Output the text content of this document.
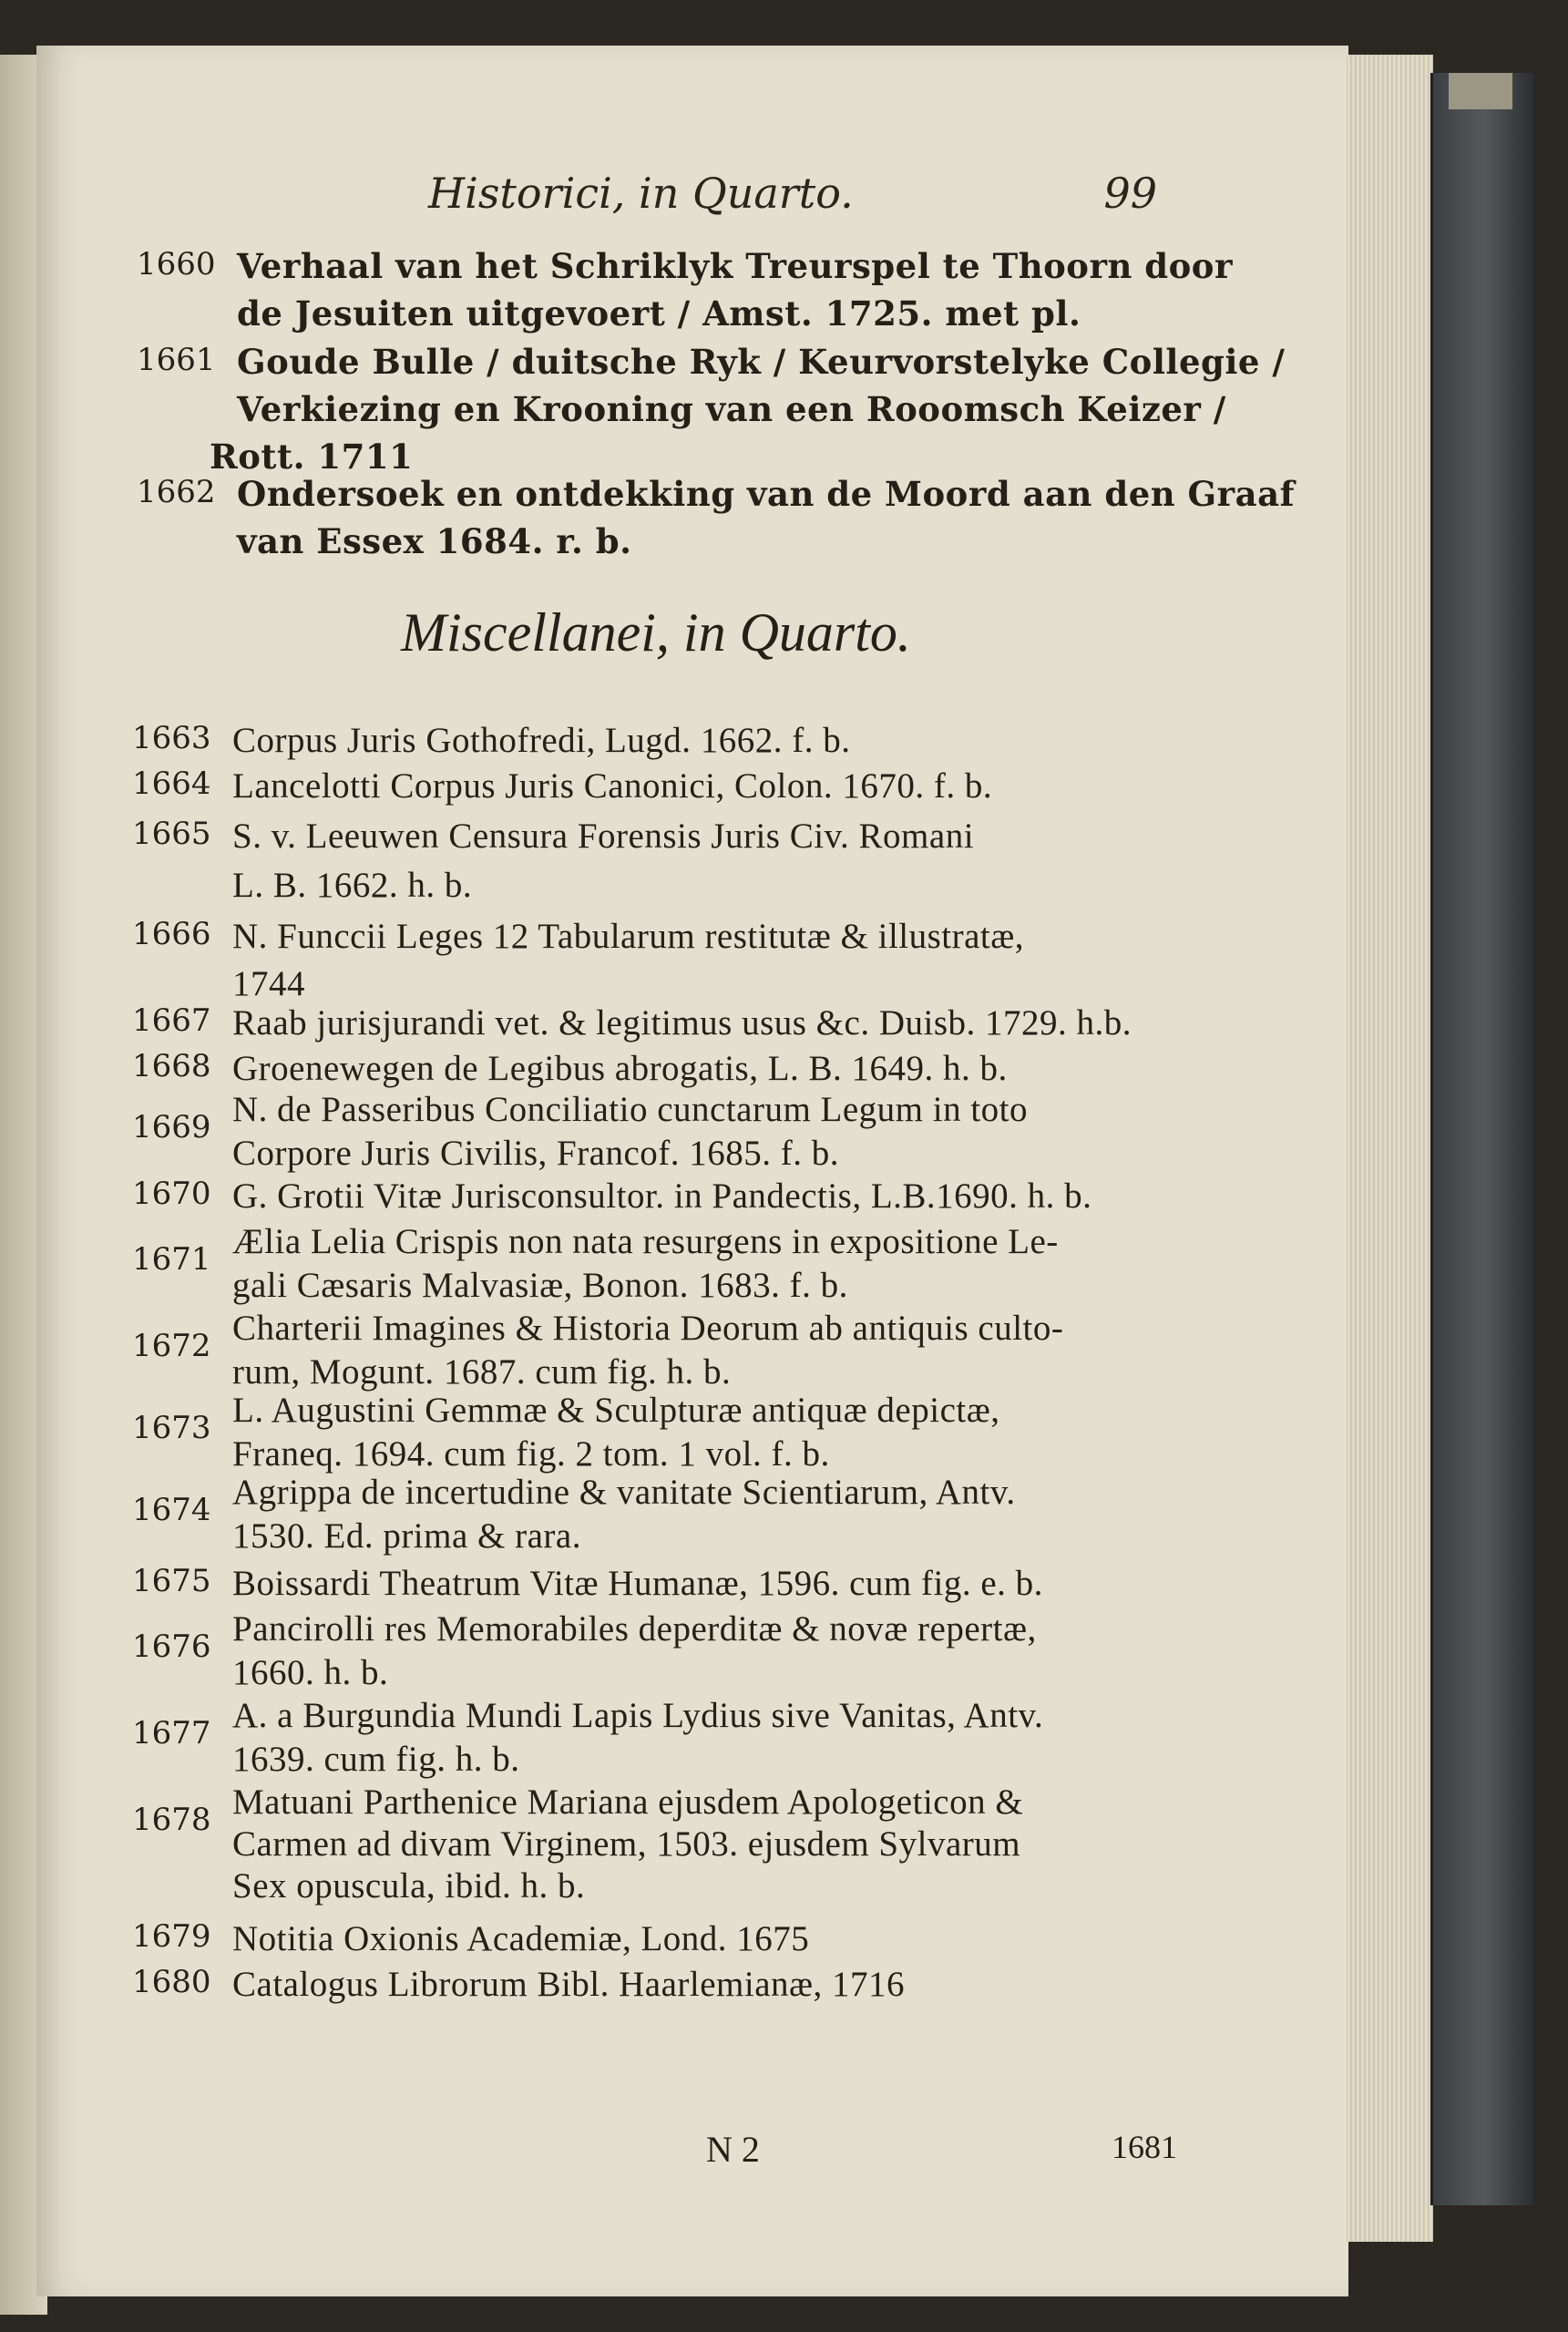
Historici, in Quarto.	99
1660 Verhaal van het Schriklyk Treurspel te Thoorn door
de Jesuiten uitgevoert / Amst. 1725. met pl.
1661 Goude Bulle / duitsche Ryk / Keurvorstelyke Collegie /
Verkiezing en Krooning van een Rooomsch Keizer /
Rott. 1711
1662 Ondersoek en ontdekking van de Moord aan den Graaf
van Essex 1684. r. b.
Miscellanei, in Quarto.
1663 Corpus Juris Gothofredi, Lugd. 1662. f. b.
1664 Lancelotti Corpus Juris Canonici, Colon. 1670. f. b.
1665 S. v. Leeuwen Censura Forensis Juris Civ. Romani
L. B. 1662. h. b.
1666 N. Funccii Leges 12 Tabularum restitutæ & illustratæ,
1744
1667 Raab jurisjurandi vet. & legitimus usus &c. Duisb. 1729. h.b.
1668 Groenewegen de Legibus abrogatis, L. B. 1649. h. b.
1669 N. de Passeribus Conciliatio cunctarum Legum in toto
Corpore Juris Civilis, Francof. 1685. f. b.
1670 G. Grotii Vitæ Jurisconsultor. in Pandectis, L.B.1690. h. b.
1671 Ælia Lelia Crispis non nata resurgens in expositione Le-
gali Cæsaris Malvasiæ, Bonon. 1683. f. b.
1672 Charterii Imagines & Historia Deorum ab antiquis culto-
rum, Mogunt. 1687. cum fig. h. b.
1673 L. Augustini Gemmæ & Sculpturæ antiquæ depictæ,
Franeq. 1694. cum fig. 2 tom. 1 vol. f. b.
1674 Agrippa de incertudine & vanitate Scientiarum, Antv.
1530. Ed. prima & rara.
1675 Boissardi Theatrum Vitæ Humanæ, 1596. cum fig. e. b.
1676 Pancirolli res Memorabiles deperditæ & novæ repertæ,
1660. h. b.
1677 A. a Burgundia Mundi Lapis Lydius sive Vanitas, Antv.
1639. cum fig. h. b.
1678 Matuani Parthenice Mariana ejusdem Apologeticon &
Carmen ad divam Virginem, 1503. ejusdem Sylvarum
Sex opuscula, ibid. h. b.
1679 Notitia Oxionis Academiæ, Lond. 1675
1680 Catalogus Librorum Bibl. Haarlemianæ, 1716
N 2	1681
